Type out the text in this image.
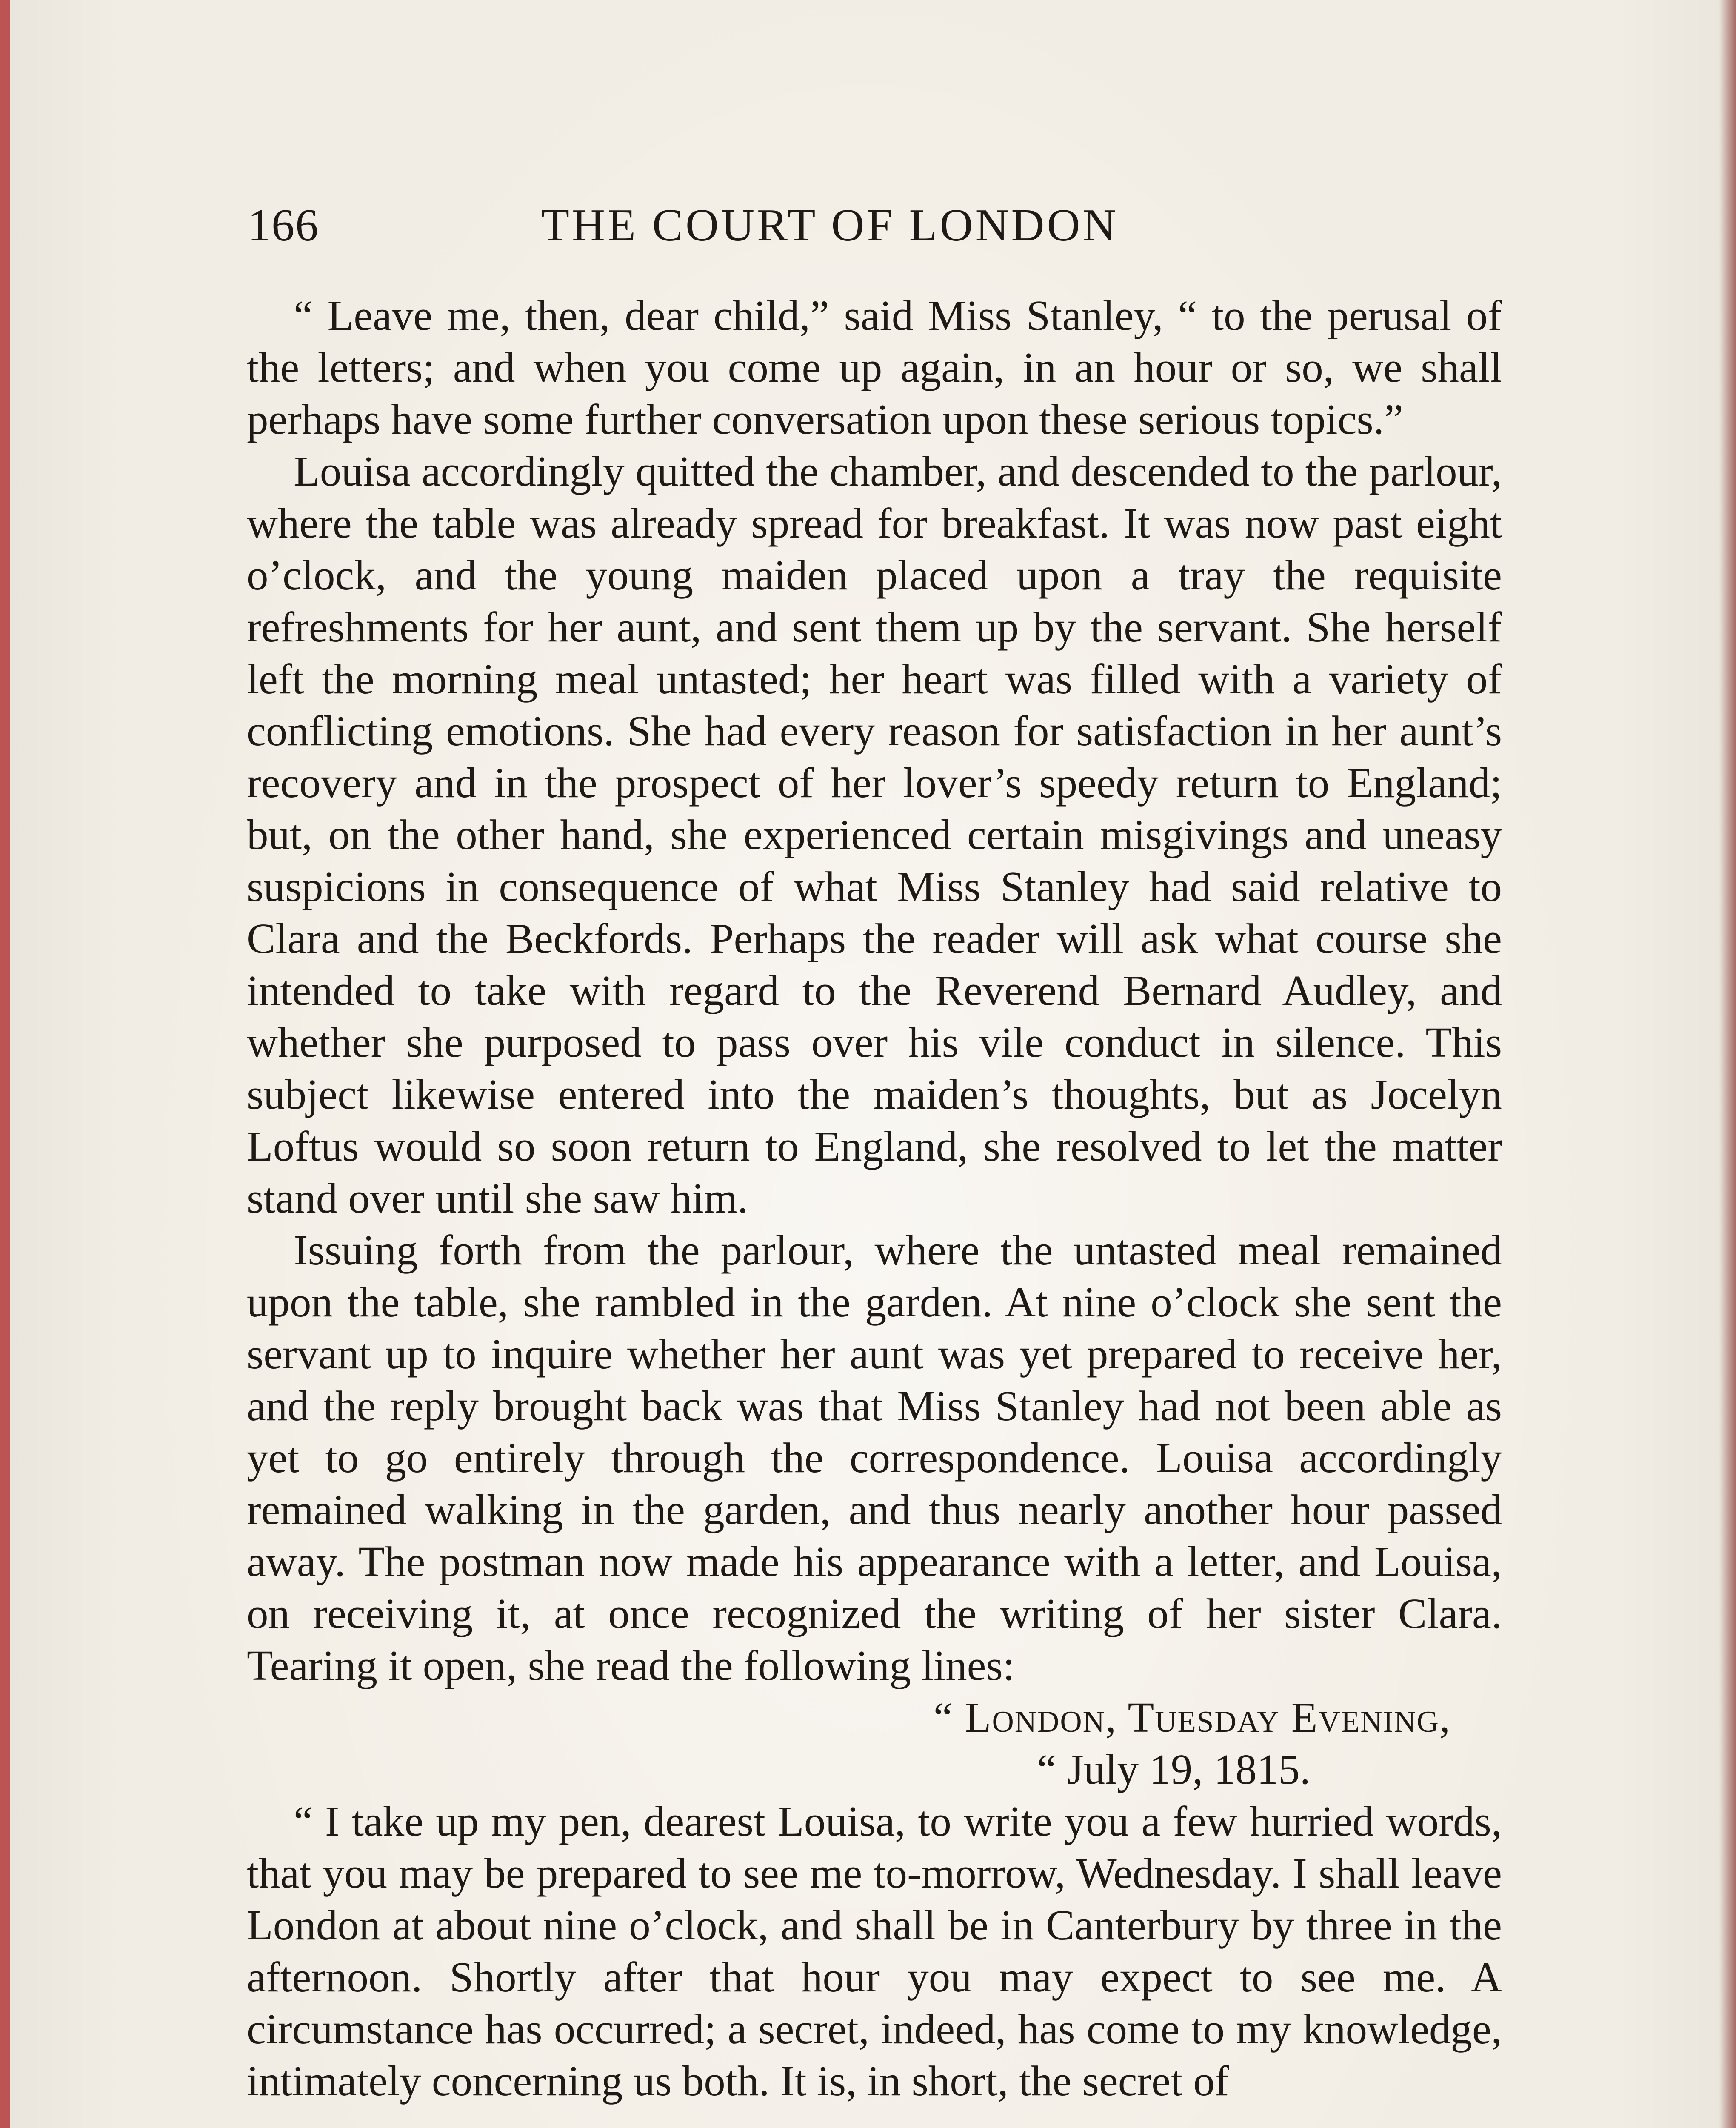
166	THE COURT OF LONDON

“ Leave me, then, dear child,” said Miss Stanley, “ to the perusal of the letters; and when you come up again, in an hour or so, we shall perhaps have some further conversation upon these serious topics.”

Louisa accordingly quitted the chamber, and descended to the parlour, where the table was already spread for breakfast. It was now past eight o’clock, and the young maiden placed upon a tray the requisite refreshments for her aunt, and sent them up by the servant. She herself left the morning meal untasted; her heart was filled with a variety of conflicting emotions. She had every reason for satisfaction in her aunt’s recovery and in the prospect of her lover’s speedy return to England; but, on the other hand, she experienced certain misgivings and uneasy suspicions in consequence of what Miss Stanley had said relative to Clara and the Beckfords. Perhaps the reader will ask what course she intended to take with regard to the Reverend Bernard Audley, and whether she purposed to pass over his vile conduct in silence. This subject likewise entered into the maiden’s thoughts, but as Jocelyn Loftus would so soon return to England, she resolved to let the matter stand over until she saw him.

Issuing forth from the parlour, where the untasted meal remained upon the table, she rambled in the garden. At nine o’clock she sent the servant up to inquire whether her aunt was yet prepared to receive her, and the reply brought back was that Miss Stanley had not been able as yet to go entirely through the correspondence. Louisa accordingly remained walking in the garden, and thus nearly another hour passed away. The postman now made his appearance with a letter, and Louisa, on receiving it, at once recognized the writing of her sister Clara. Tearing it open, she read the following lines:

“ London, Tuesday Evening,
“ July 19, 1815.

“ I take up my pen, dearest Louisa, to write you a few hurried words, that you may be prepared to see me to-morrow, Wednesday. I shall leave London at about nine o’clock, and shall be in Canterbury by three in the afternoon. Shortly after that hour you may expect to see me. A circumstance has occurred; a secret, indeed, has come to my knowledge, intimately concerning us both. It is, in short, the secret of
